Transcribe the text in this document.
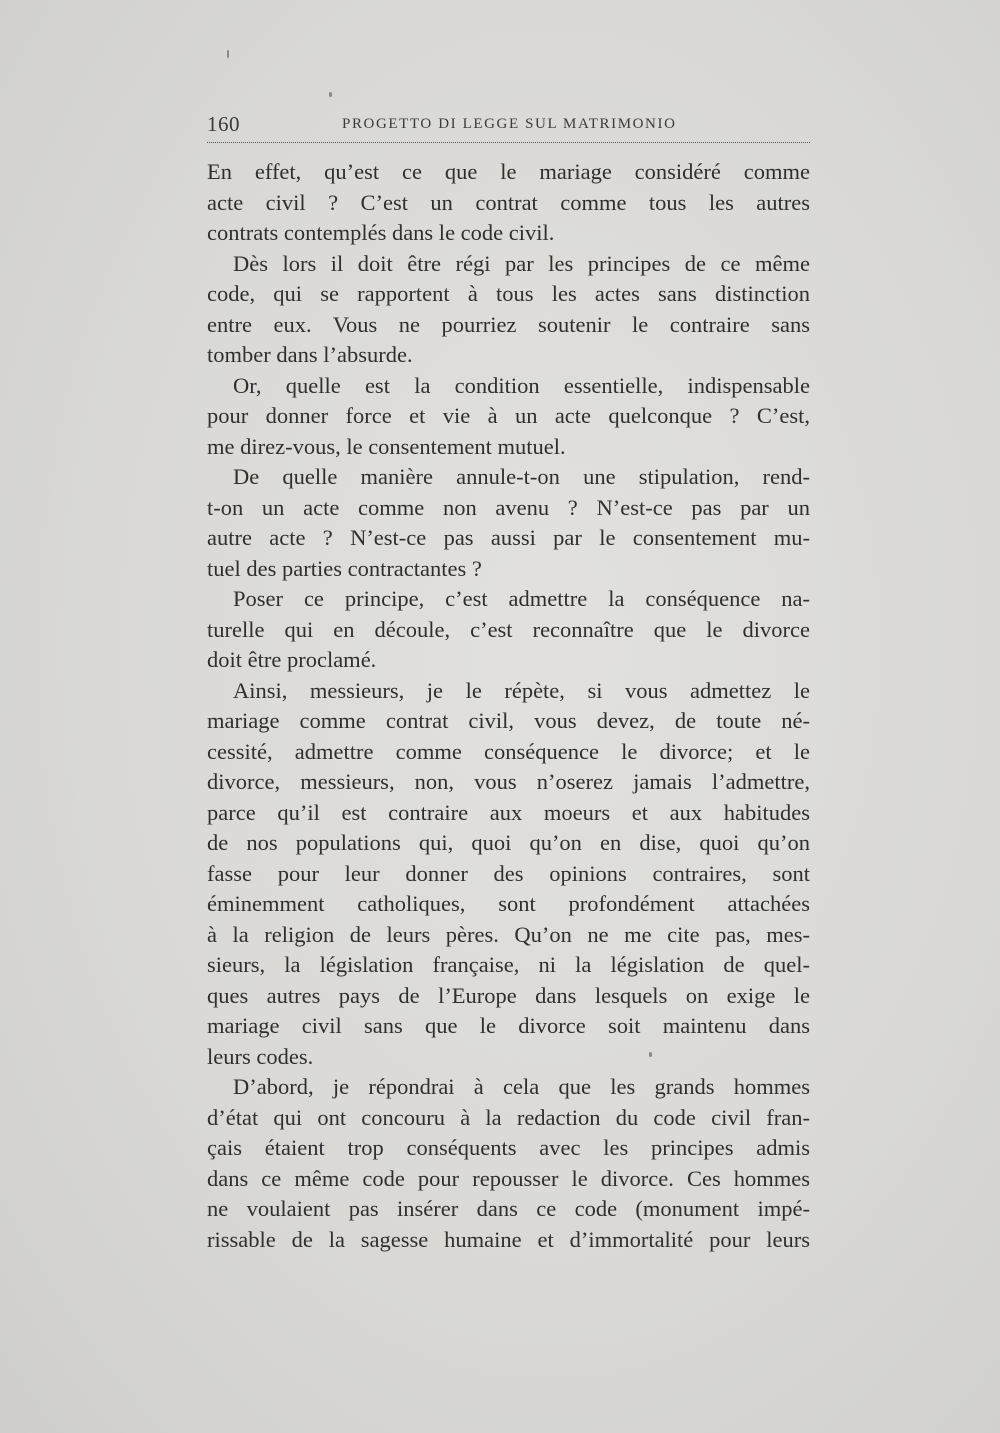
160	PROGETTO DI LEGGE SUL MATRIMONIO
En effet, qu’est ce que le mariage considéré comme
acte civil ? C’est un contrat comme tous les autres
contrats contemplés dans le code civil.
Dès lors il doit être régi par les principes de ce même
code, qui se rapportent à tous les actes sans distinction
entre eux. Vous ne pourriez soutenir le contraire sans
tomber dans l’absurde.
Or, quelle est la condition essentielle, indispensable
pour donner force et vie à un acte quelconque ? C’est,
me direz-vous, le consentement mutuel.
De quelle manière annule-t-on une stipulation, rend-
t-on un acte comme non avenu ? N’est-ce pas par un
autre acte ? N’est-ce pas aussi par le consentement mu-
tuel des parties contractantes ?
Poser ce principe, c’est admettre la conséquence na-
turelle qui en découle, c’est reconnaître que le divorce
doit être proclamé.
Ainsi, messieurs, je le répète, si vous admettez le
mariage comme contrat civil, vous devez, de toute né-
cessité, admettre comme conséquence le divorce; et le
divorce, messieurs, non, vous n’oserez jamais l’admettre,
parce qu’il est contraire aux moeurs et aux habitudes
de nos populations qui, quoi qu’on en dise, quoi qu’on
fasse pour leur donner des opinions contraires, sont
éminemment catholiques, sont profondément attachées
à la religion de leurs pères. Qu’on ne me cite pas, mes-
sieurs, la législation française, ni la législation de quel-
ques autres pays de l’Europe dans lesquels on exige le
mariage civil sans que le divorce soit maintenu dans
leurs codes.
D’abord, je répondrai à cela que les grands hommes
d’état qui ont concouru à la redaction du code civil fran-
çais étaient trop conséquents avec les principes admis
dans ce même code pour repousser le divorce. Ces hommes
ne voulaient pas insérer dans ce code (monument impé-
rissable de la sagesse humaine et d’immortalité pour leurs
